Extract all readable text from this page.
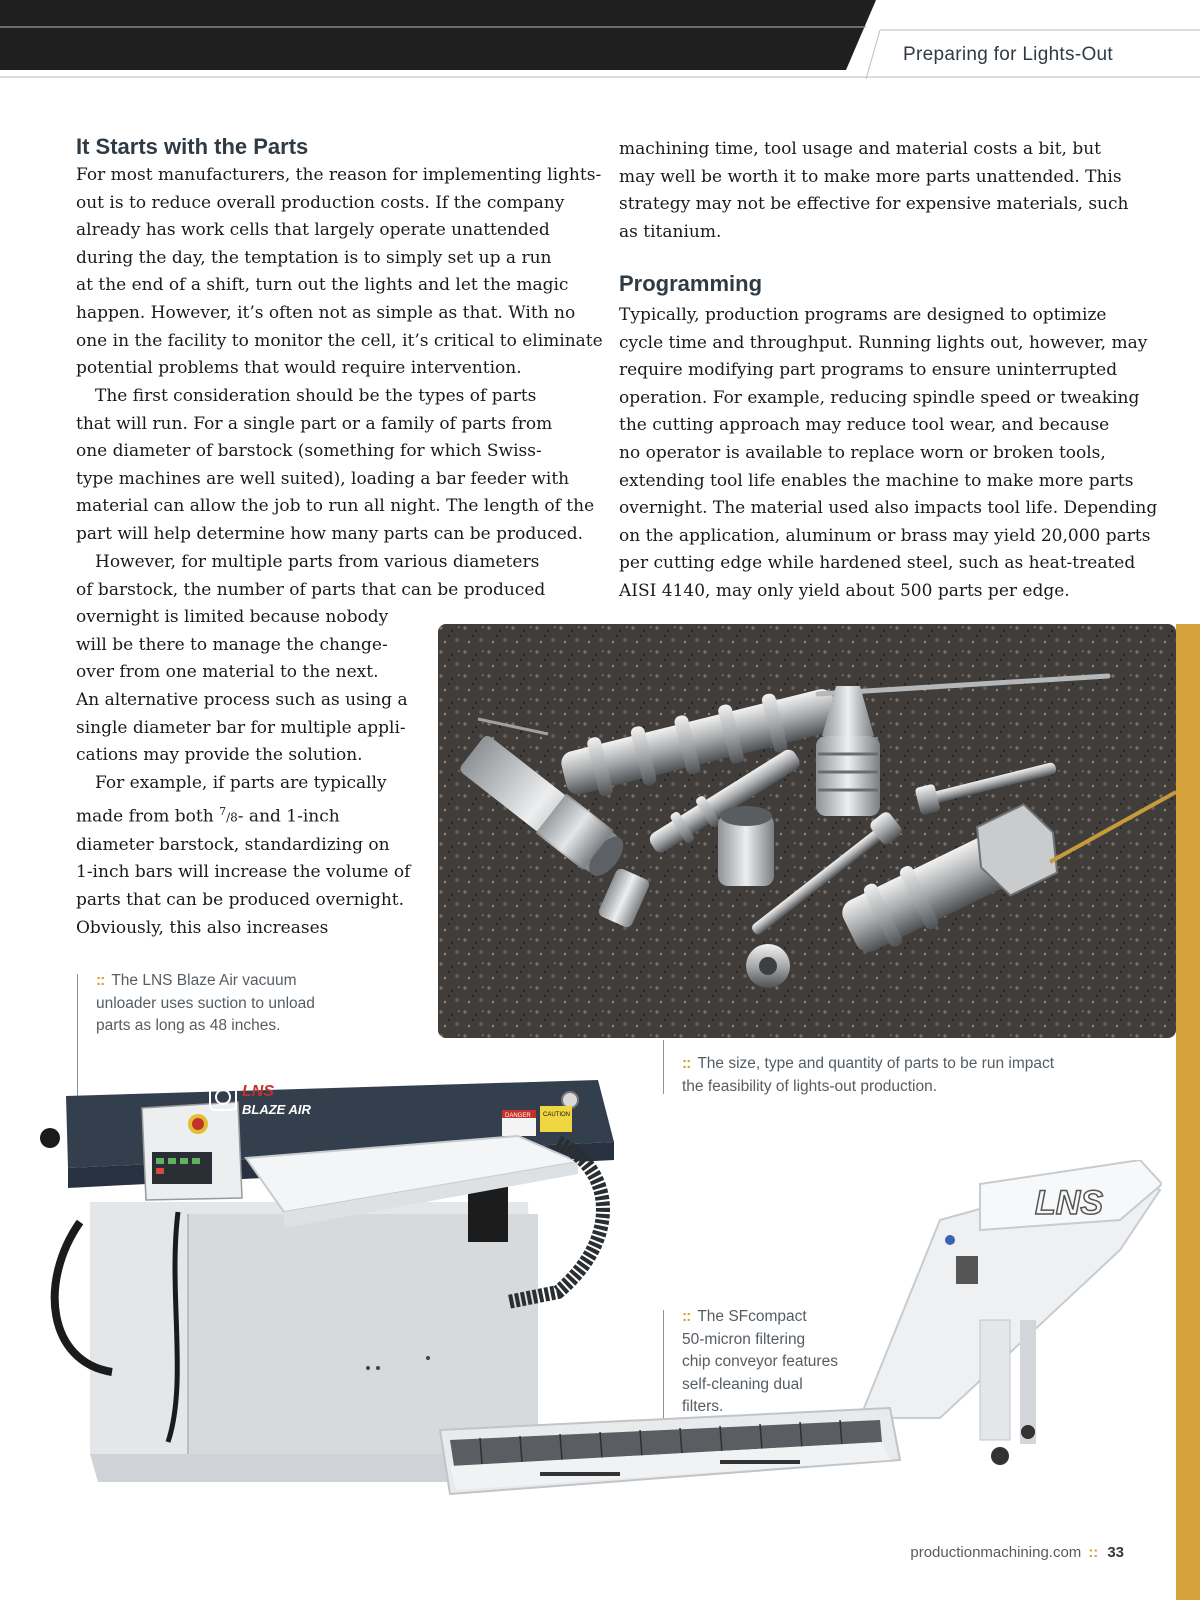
Preparing for Lights-Out
It Starts with the Parts

For most manufacturers, the reason for implementing lights-
out is to reduce overall production costs. If the company
already has work cells that largely operate unattended
during the day, the temptation is to simply set up a run
at the end of a shift, turn out the lights and let the magic
happen. However, it’s often not as simple as that. With no
one in the facility to monitor the cell, it’s critical to eliminate
potential problems that would require intervention.

The first consideration should be the types of parts
that will run. For a single part or a family of parts from
one diameter of barstock (something for which Swiss-
type machines are well suited), loading a bar feeder with
material can allow the job to run all night. The length of the
part will help determine how many parts can be produced.

However, for multiple parts from various diameters
of barstock, the number of parts that can be produced
overnight is limited because nobody
will be there to manage the change-
over from one material to the next.
An alternative process such as using a
single diameter bar for multiple appli-
cations may provide the solution.

For example, if parts are typically
made from both $^7$/8- and 1-inch
diameter barstock, standardizing on
1-inch bars will increase the volume of
parts that can be produced overnight.
Obviously, this also increases

machining time, tool usage and material costs a bit, but
may well be worth it to make more parts unattended. This
strategy may not be effective for expensive materials, such
as titanium.

Programming

Typically, production programs are designed to optimize
cycle time and throughput. Running lights out, however, may
require modifying part programs to ensure uninterrupted
operation. For example, reducing spindle speed or tweaking
the cutting approach may reduce tool wear, and because
no operator is available to replace worn or broken tools,
extending tool life enables the machine to make more parts
overnight. The material used also impacts tool life. Depending
on the application, aluminum or brass may yield 20,000 parts
per cutting edge while hardened steel, such as heat-treated
AISI 4140, may only yield about 500 parts per edge.

:: The LNS Blaze Air vacuum
unloader uses suction to unload
parts as long as 48 inches.
:: The size, type and quantity of parts to be run impact
the feasibility of lights-out production.
LNS
BLAZE AIR	DANGER CAUTION
:: The SFcompact
50-micron filtering
chip conveyor features
self-cleaning dual
filters.
LNS
productionmachining.com :: 33
